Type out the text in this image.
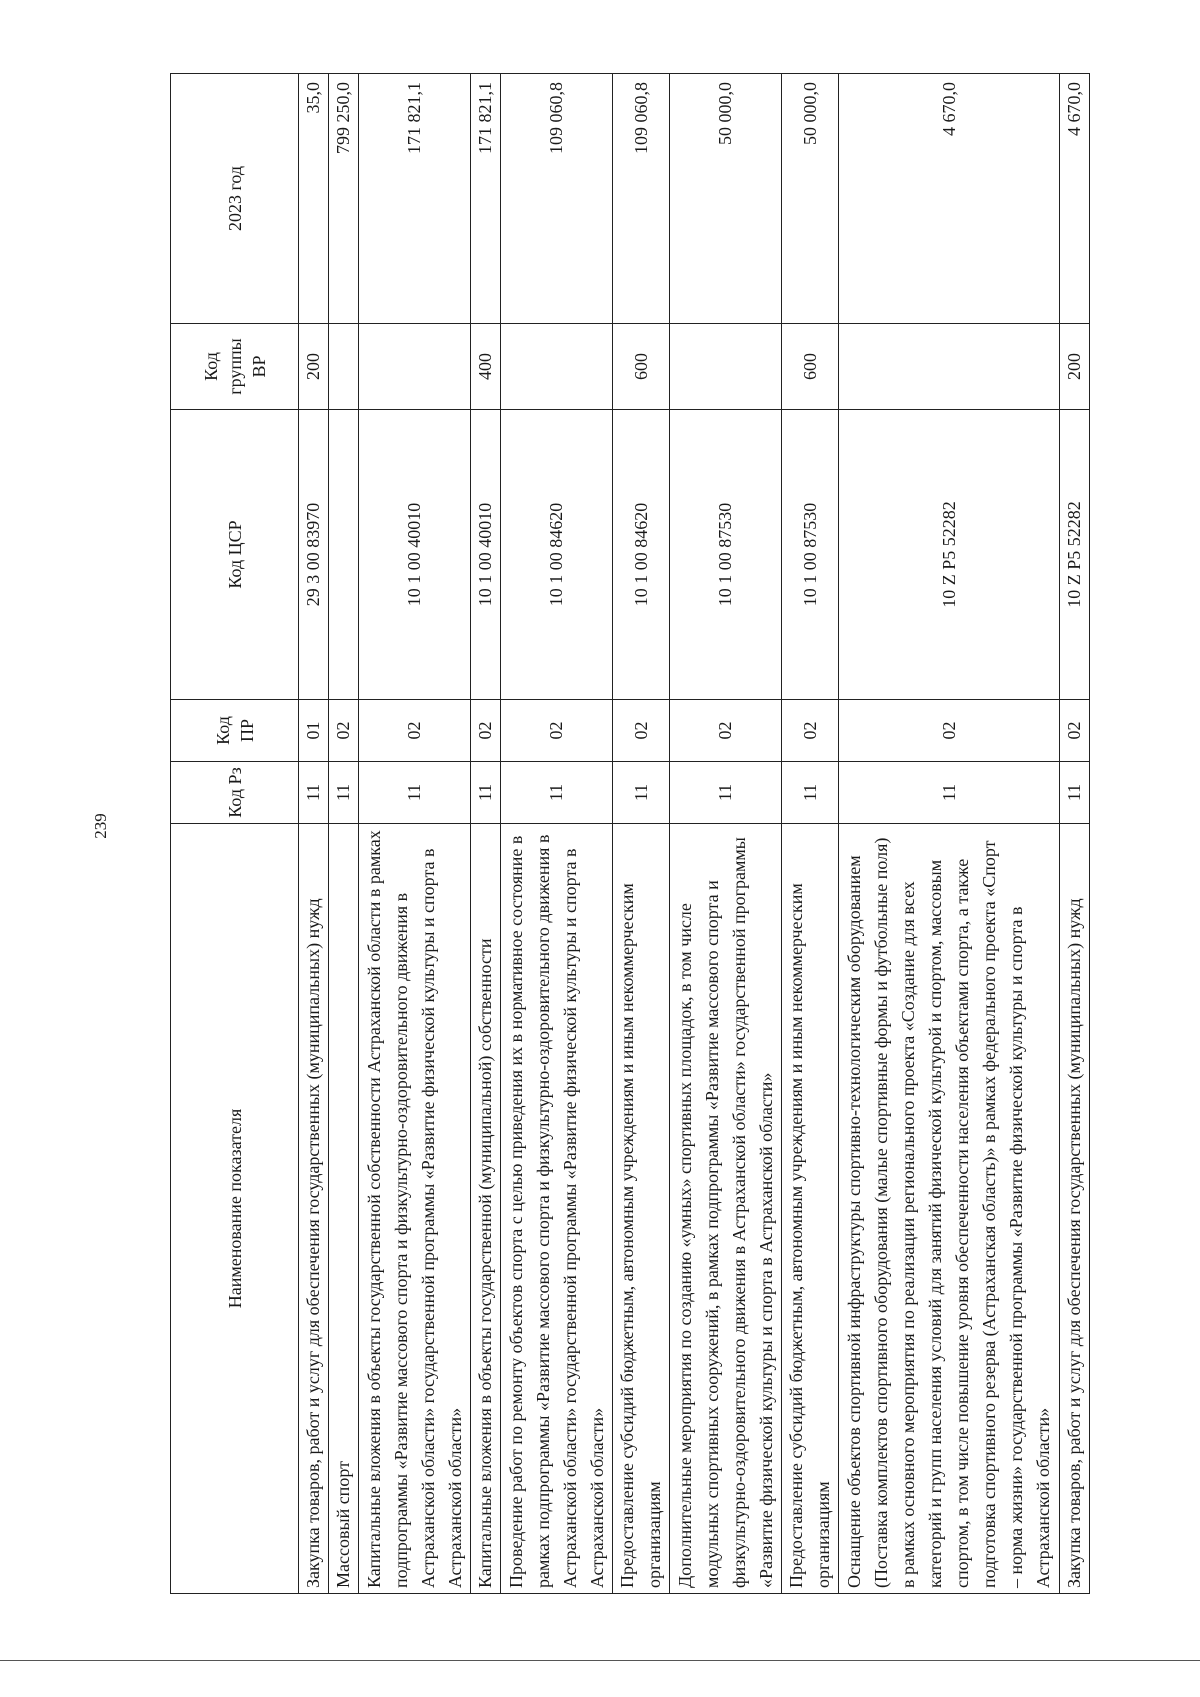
239
Наименование показателя	Код Рз	Код ПР	Код ЦСР	Код группы ВР	2023 год
Закупка товаров, работ и услуг для обеспечения государственных (муниципальных) нужд	11	01	29 3 00 83970	200	35,0
Массовый спорт	11	02			799 250,0
Капитальные вложения в объекты государственной собственности Астраханской области в рамках подпрограммы «Развитие массового спорта и физкультурно-оздоровительного движения в Астраханской области» государственной программы «Развитие физической культуры и спорта в Астраханской области»	11	02	10 1 00 40010		171 821,1
Капитальные вложения в объекты государственной (муниципальной) собственности	11	02	10 1 00 40010	400	171 821,1
Проведение работ по ремонту объектов спорта с целью приведения их в нормативное состояние в рамках подпрограммы «Развитие массового спорта и физкультурно-оздоровительного движения в Астраханской области» государственной программы «Развитие физической культуры и спорта в Астраханской области»	11	02	10 1 00 84620		109 060,8
Предоставление субсидий бюджетным, автономным учреждениям и иным некоммерческим организациям	11	02	10 1 00 84620	600	109 060,8
Дополнительные мероприятия по созданию «умных» спортивных площадок, в том числе модульных спортивных сооружений, в рамках подпрограммы «Развитие массового спорта и физкультурно-оздоровительного движения в Астраханской области» государственной программы «Развитие физической культуры и спорта в Астраханской области»	11	02	10 1 00 87530		50 000,0
Предоставление субсидий бюджетным, автономным учреждениям и иным некоммерческим организациям	11	02	10 1 00 87530	600	50 000,0
Оснащение объектов спортивной инфраструктуры спортивно-технологическим оборудованием (Поставка комплектов спортивного оборудования (малые спортивные формы и футбольные поля) в рамках основного мероприятия по реализации регионального проекта «Создание для всех категорий и групп населения условий для занятий физической культурой и спортом, массовым спортом, в том числе повышение уровня обеспеченности населения объектами спорта, а также подготовка спортивного резерва (Астраханская область)» в рамках федерального проекта «Спорт – норма жизни» государственной программы «Развитие физической культуры и спорта в Астраханской области»	11	02	10 Z P5 52282		4 670,0
Закупка товаров, работ и услуг для обеспечения государственных (муниципальных) нужд	11	02	10 Z P5 52282	200	4 670,0
